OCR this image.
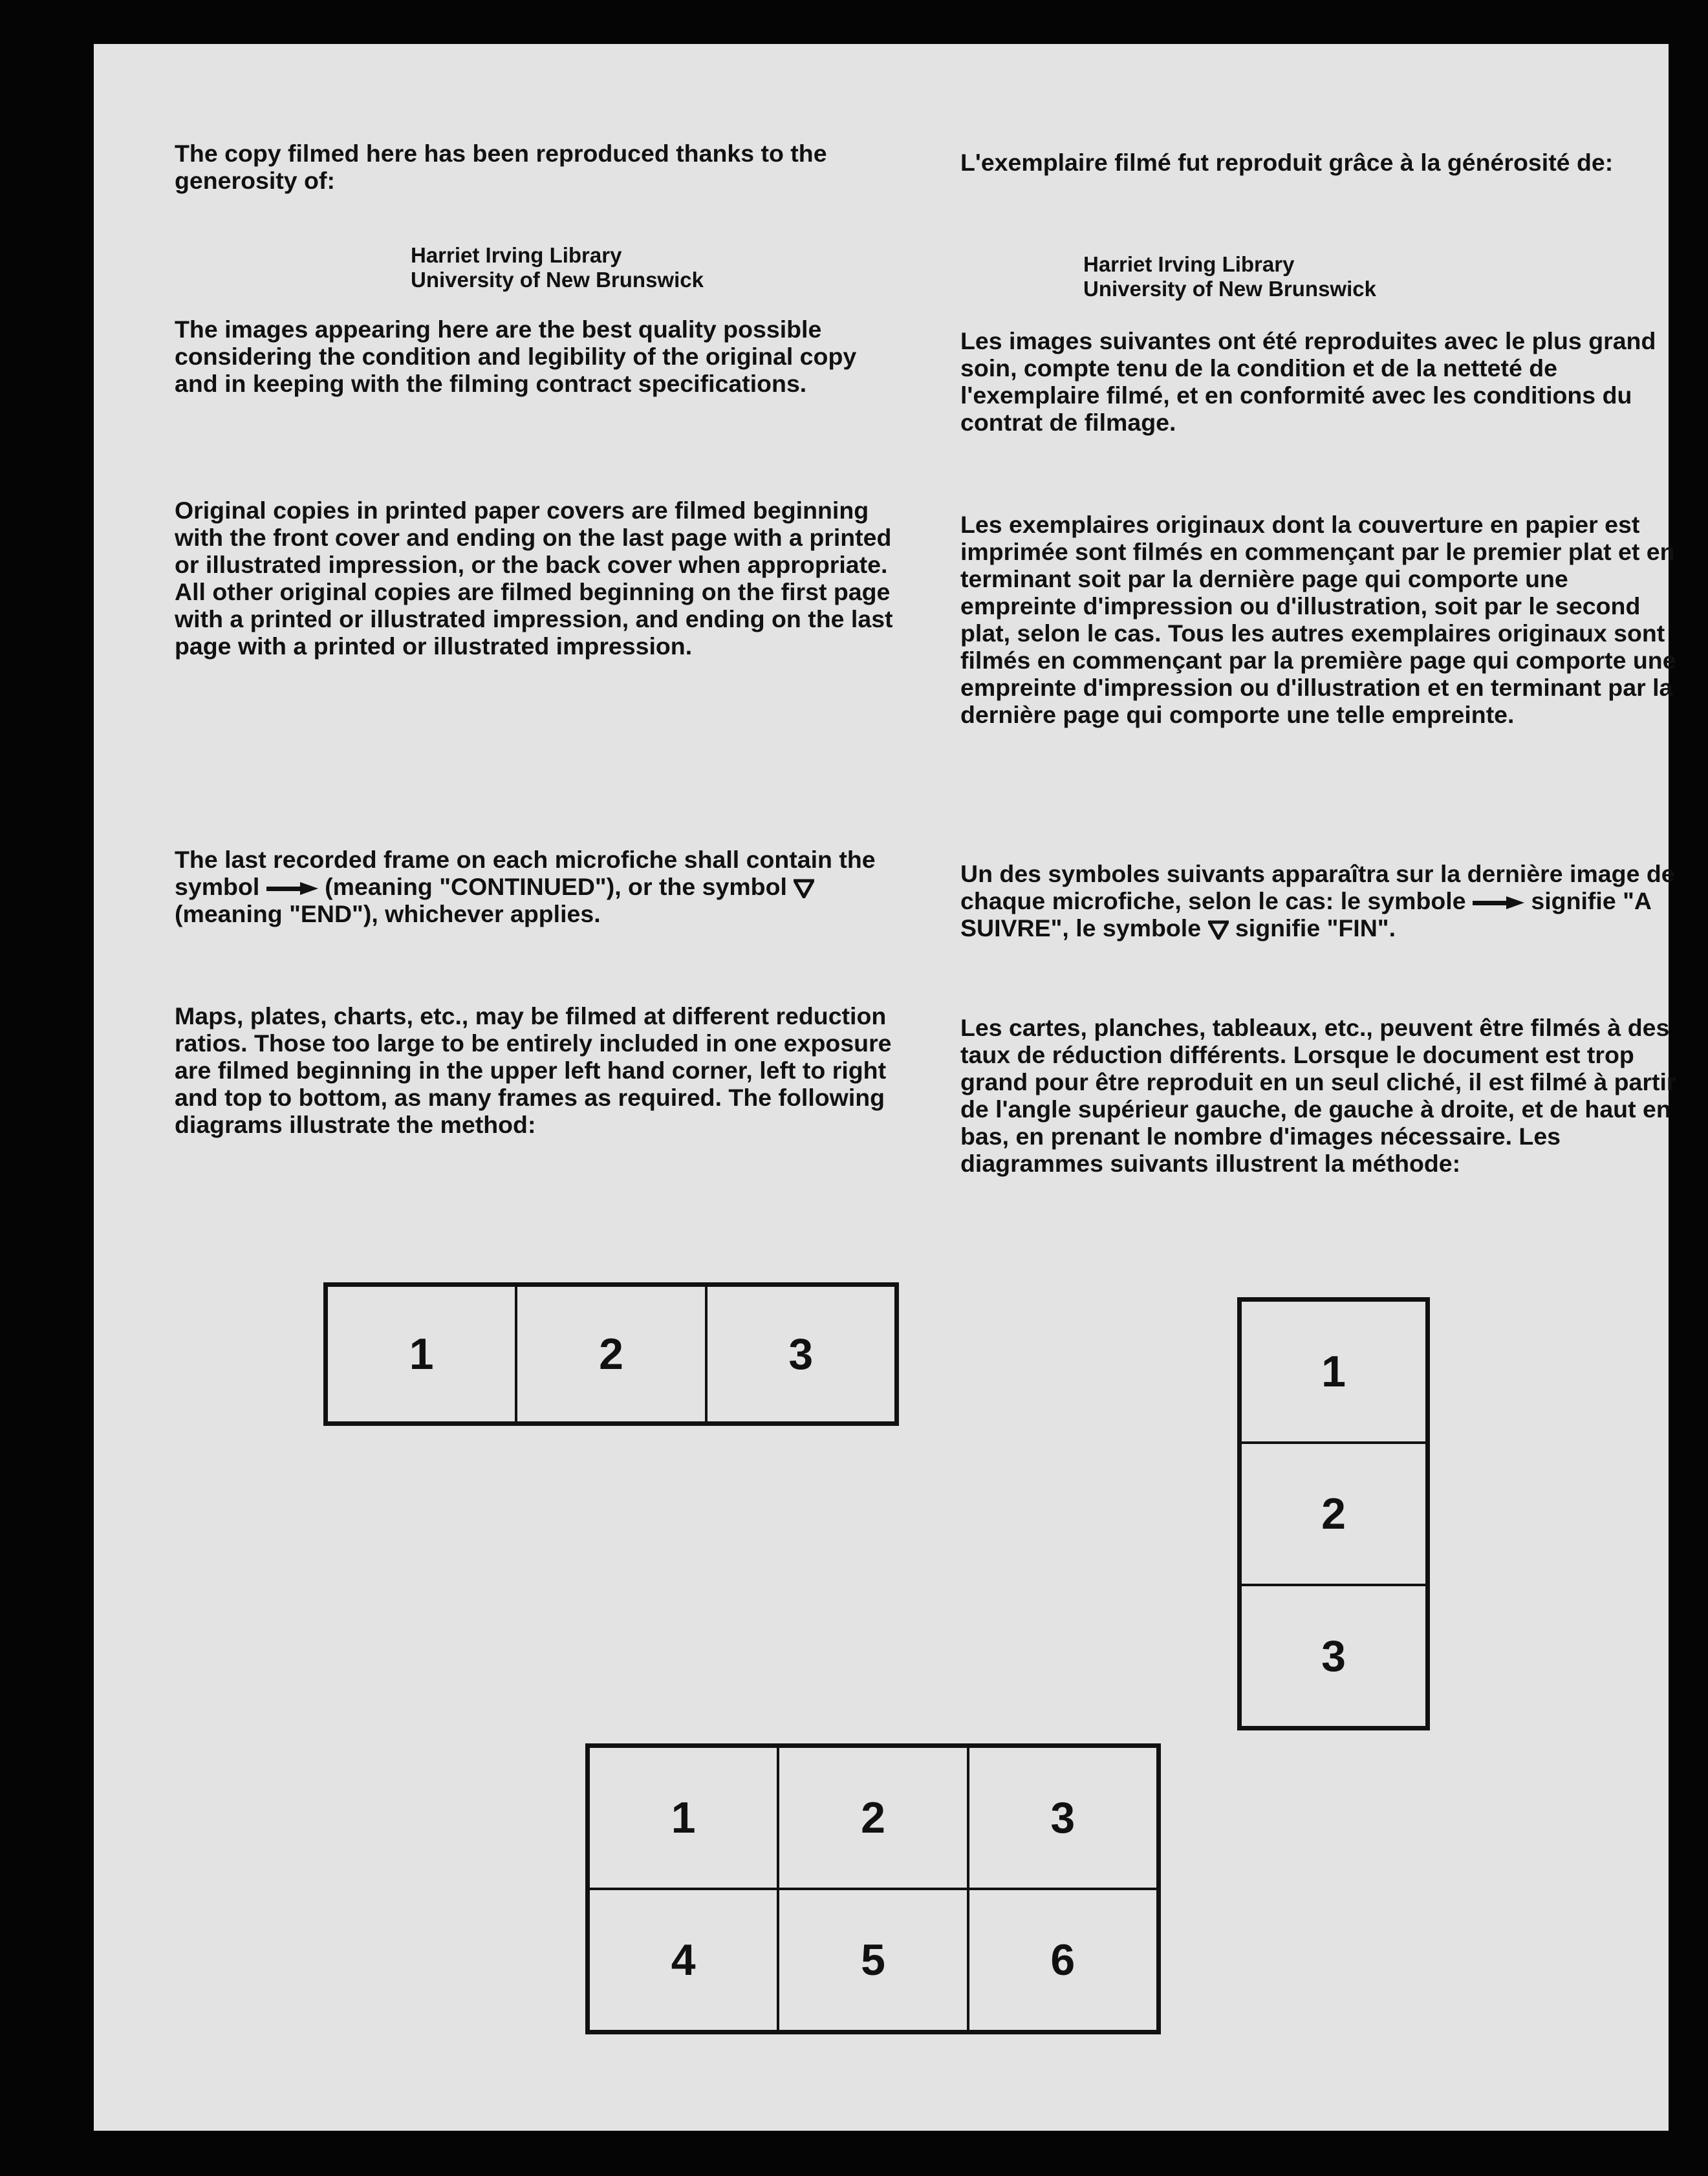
The copy filmed here has been reproduced thanks to the generosity of:

Harriet Irving Library
University of New Brunswick

The images appearing here are the best quality possible considering the condition and legibility of the original copy and in keeping with the filming contract specifications.

Original copies in printed paper covers are filmed beginning with the front cover and ending on the last page with a printed or illustrated impression, or the back cover when appropriate. All other original copies are filmed beginning on the first page with a printed or illustrated impression, and ending on the last page with a printed or illustrated impression.

The last recorded frame on each microfiche shall contain the symbol	(meaning "CONTINUED"), or the symbol  (meaning "END"), whichever applies.

Maps, plates, charts, etc., may be filmed at different reduction ratios. Those too large to be entirely included in one exposure are filmed beginning in the upper left hand corner, left to right and top to bottom, as many frames as required. The following diagrams illustrate the method:

L'exemplaire filmé fut reproduit grâce à la générosité de:

Harriet Irving Library
University of New Brunswick

Les images suivantes ont été reproduites avec le plus grand soin, compte tenu de la condition et de la netteté de l'exemplaire filmé, et en conformité avec les conditions du contrat de filmage.

Les exemplaires originaux dont la couverture en papier est imprimée sont filmés en commençant par le premier plat et en terminant soit par la dernière page qui comporte une empreinte d'impression ou d'illustration, soit par le second plat, selon le cas. Tous les autres exemplaires originaux sont filmés en commençant par la première page qui comporte une empreinte d'impression ou d'illustration et en terminant par la dernière page qui comporte une telle empreinte.

Un des symboles suivants apparaîtra sur la dernière image de chaque microfiche, selon le cas: le symbole	signifie "A SUIVRE", le symbole signifie "FIN".

Les cartes, planches, tableaux, etc., peuvent être filmés à des taux de réduction différents. Lorsque le document est trop grand pour être reproduit en un seul cliché, il est filmé à partir de l'angle supérieur gauche, de gauche à droite, et de haut en bas, en prenant le nombre d'images nécessaire. Les diagrammes suivants illustrent la méthode:

1	2	3	1
2
3
1	2	3
4	5	6
